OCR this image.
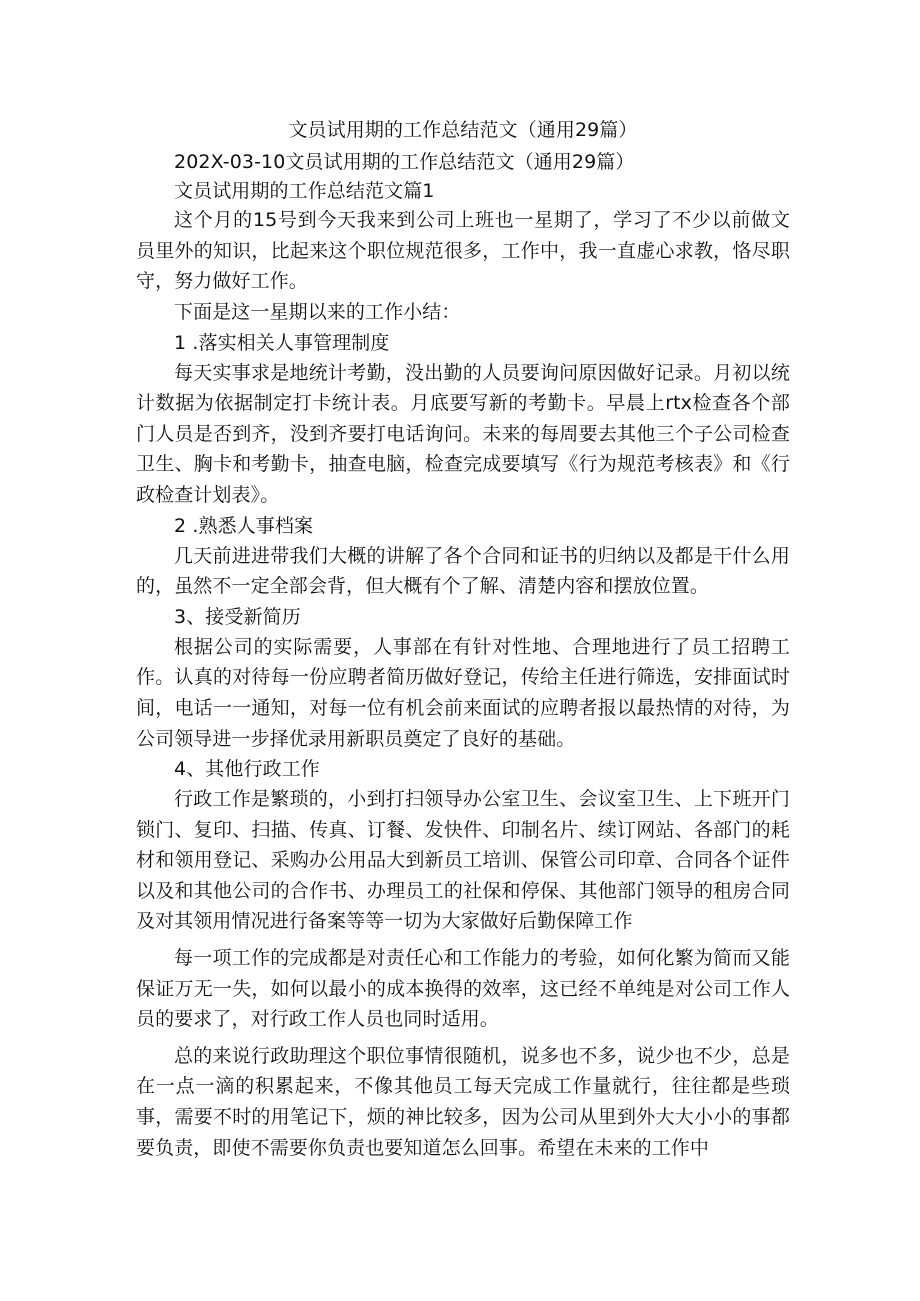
文员试用期的工作总结范文（通用29篇）

202X-03-10文员试用期的工作总结范文（通用29篇）

文员试用期的工作总结范文篇1

这个月的15号到今天我来到公司上班也一星期了，学习了不少以前做文员里外的知识，比起来这个职位规范很多，工作中，我一直虚心求教，恪尽职守，努力做好工作。

下面是这一星期以来的工作小结：

1 .落实相关人事管理制度

每天实事求是地统计考勤，没出勤的人员要询问原因做好记录。月初以统计数据为依据制定打卡统计表。月底要写新的考勤卡。早晨上rtx检查各个部门人员是否到齐，没到齐要打电话询问。未来的每周要去其他三个子公司检查卫生、胸卡和考勤卡，抽查电脑，检查完成要填写《行为规范考核表》和《行政检查计划表》。

2 .熟悉人事档案

几天前进进带我们大概的讲解了各个合同和证书的归纳以及都是干什么用的，虽然不一定全部会背，但大概有个了解、清楚内容和摆放位置。

3、接受新简历

根据公司的实际需要，人事部在有针对性地、合理地进行了员工招聘工作。认真的对待每一份应聘者简历做好登记，传给主任进行筛选，安排面试时间，电话一一通知，对每一位有机会前来面试的应聘者报以最热情的对待，为公司领导进一步择优录用新职员奠定了良好的基础。

4、其他行政工作

行政工作是繁琐的，小到打扫领导办公室卫生、会议室卫生、上下班开门锁门、复印、扫描、传真、订餐、发快件、印制名片、续订网站、各部门的耗材和领用登记、采购办公用品大到新员工培训、保管公司印章、合同各个证件以及和其他公司的合作书、办理员工的社保和停保、其他部门领导的租房合同及对其领用情况进行备案等等一切为大家做好后勤保障工作

每一项工作的完成都是对责任心和工作能力的考验，如何化繁为简而又能保证万无一失，如何以最小的成本换得的效率，这已经不单纯是对公司工作人员的要求了，对行政工作人员也同时适用。

总的来说行政助理这个职位事情很随机，说多也不多，说少也不少，总是在一点一滴的积累起来，不像其他员工每天完成工作量就行，往往都是些琐事，需要不时的用笔记下，烦的神比较多，因为公司从里到外大大小小的事都要负责，即使不需要你负责也要知道怎么回事。希望在未来的工作中
